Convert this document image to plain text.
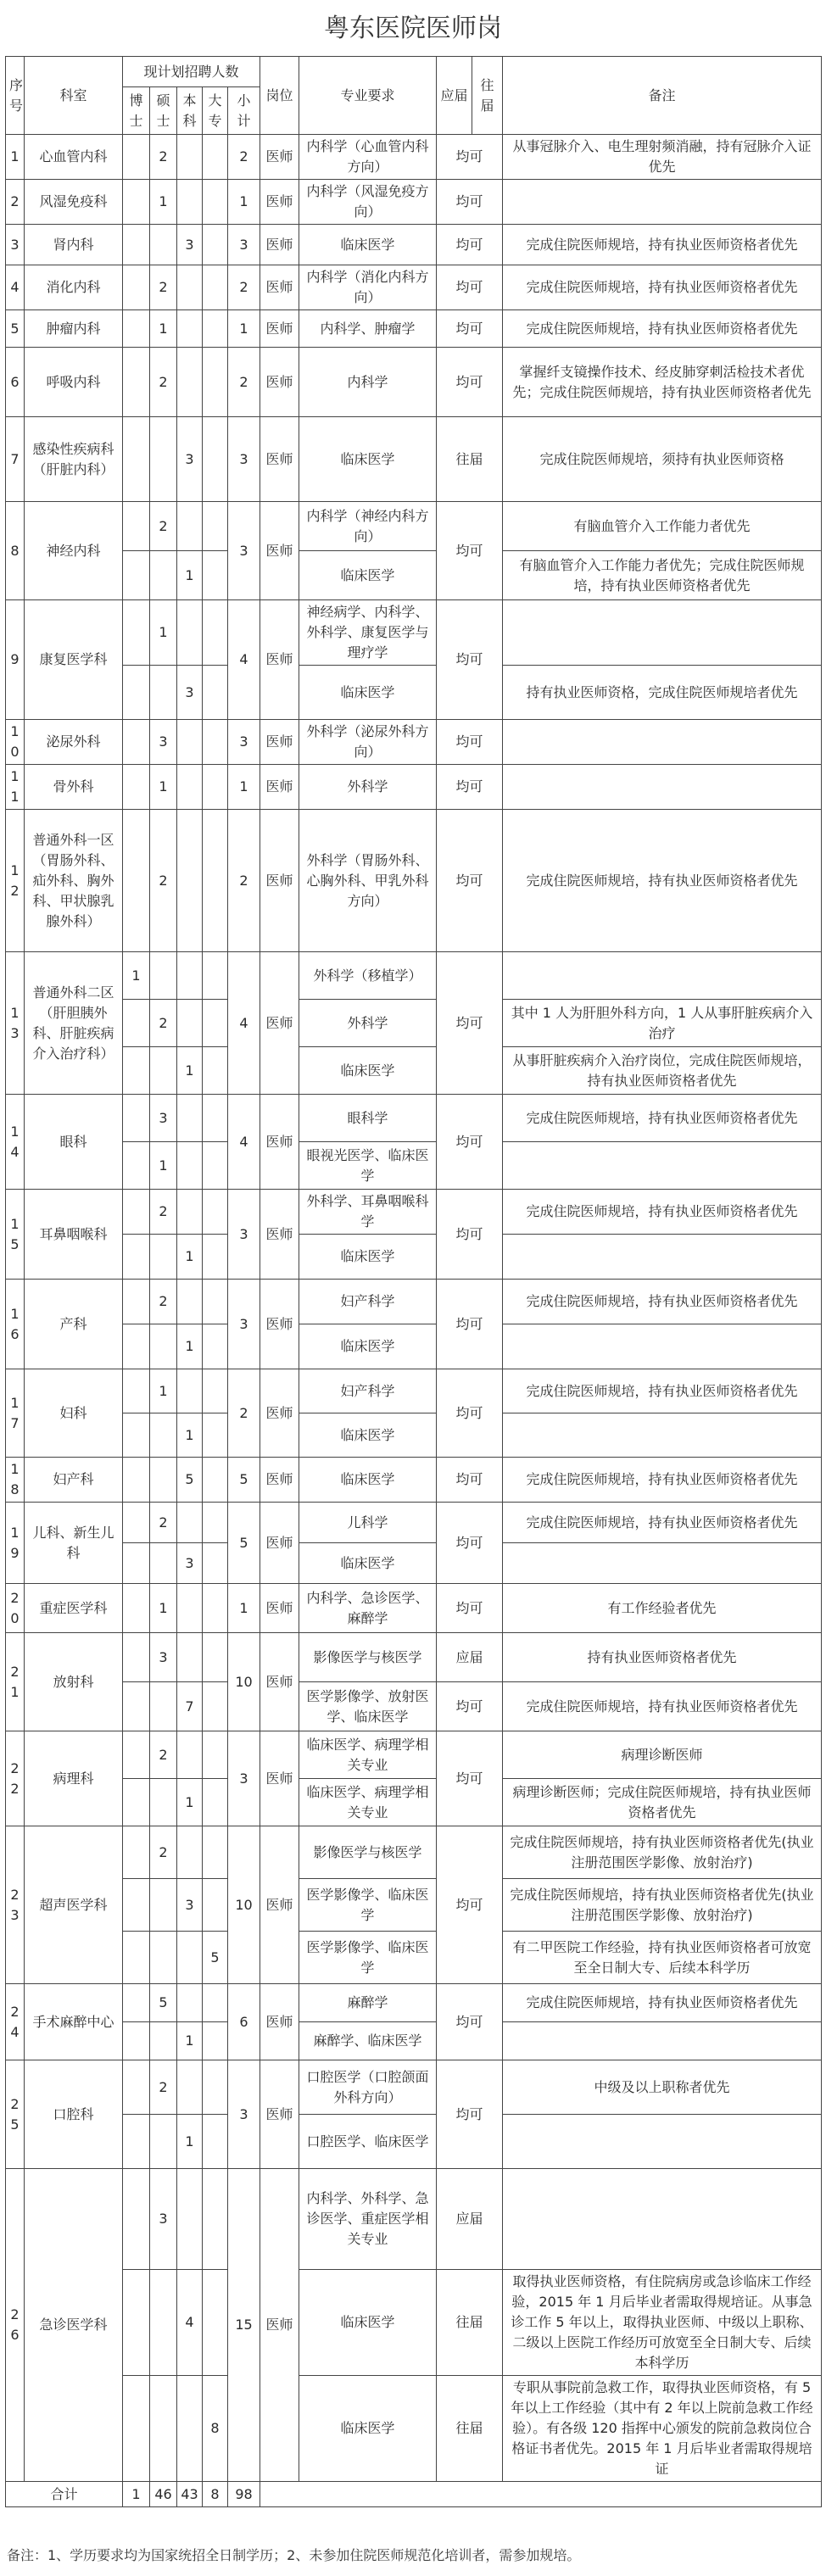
粤东医院医师岗
序号	科室	现计划招聘人数					岗位	专业要求	应届	往届	备注
		博士	硕士	本科	大专	小计					
1	心血管内科		2			2	医师	内科学（心血管内科方向）	均可		从事冠脉介入、电生理射频消融，持有冠脉介入证优先
2	风湿免疫科		1			1	医师	内科学（风湿免疫方向）	均可		
3	肾内科			3		3	医师	临床医学	均可		完成住院医师规培，持有执业医师资格者优先
4	消化内科		2			2	医师	内科学（消化内科方向）	均可		完成住院医师规培，持有执业医师资格者优先
5	肿瘤内科		1			1	医师	内科学、肿瘤学	均可		完成住院医师规培，持有执业医师资格者优先
6	呼吸内科		2			2	医师	内科学	均可		掌握纤支镜操作技术、经皮肺穿刺活检技术者优先；完成住院医师规培，持有执业医师资格者优先
7	感染性疾病科（肝脏内科）			3		3	医师	临床医学	往届		完成住院医师规培，须持有执业医师资格
8	神经内科		2			3	医师	内科学（神经内科方向）	均可		有脑血管介入工作能力者优先
				1				临床医学			有脑血管介入工作能力者优先；完成住院医师规培，持有执业医师资格者优先
9	康复医学科		1			4	医师	神经病学、内科学、外科学、康复医学与理疗学	均可		
				3				临床医学			持有执业医师资格，完成住院医师规培者优先
10	泌尿外科		3			3	医师	外科学（泌尿外科方向）	均可		
11	骨外科		1			1	医师	外科学	均可		
12	普通外科一区（胃肠外科、疝外科、胸外科、甲状腺乳腺外科）		2			2	医师	外科学（胃肠外科、心胸外科、甲乳外科方向）	均可		完成住院医师规培，持有执业医师资格者优先
13	普通外科二区（肝胆胰外科、肝脏疾病介入治疗科）	1				4	医师	外科学（移植学）	均可		
			2					外科学			其中 1 人为肝胆外科方向，1 人从事肝脏疾病介入治疗
				1				临床医学			从事肝脏疾病介入治疗岗位，完成住院医师规培，持有执业医师资格者优先
14	眼科		3			4	医师	眼科学	均可		完成住院医师规培，持有执业医师资格者优先
			1					眼视光医学、临床医学			
15	耳鼻咽喉科		2			3	医师	外科学、耳鼻咽喉科学	均可		完成住院医师规培，持有执业医师资格者优先
				1				临床医学			
16	产科		2			3	医师	妇产科学	均可		完成住院医师规培，持有执业医师资格者优先
				1				临床医学			
17	妇科		1			2	医师	妇产科学	均可		完成住院医师规培，持有执业医师资格者优先
				1				临床医学			
18	妇产科			5		5	医师	临床医学	均可		完成住院医师规培，持有执业医师资格者优先
19	儿科、新生儿科		2			5	医师	儿科学	均可		完成住院医师规培，持有执业医师资格者优先
				3				临床医学			
20	重症医学科		1			1	医师	内科学、急诊医学、麻醉学	均可		有工作经验者优先
21	放射科		3			10	医师	影像医学与核医学	应届		持有执业医师资格者优先
				7				医学影像学、放射医学、临床医学	均可		完成住院医师规培，持有执业医师资格者优先
22	病理科		2			3	医师	临床医学、病理学相关专业	均可		病理诊断医师
				1				临床医学、病理学相关专业			病理诊断医师；完成住院医师规培，持有执业医师资格者优先
23	超声医学科		2			10	医师	影像医学与核医学	均可		完成住院医师规培，持有执业医师资格者优先(执业注册范围医学影像、放射治疗)
				3				医学影像学、临床医学			完成住院医师规培，持有执业医师资格者优先(执业注册范围医学影像、放射治疗)
					5			医学影像学、临床医学			有二甲医院工作经验，持有执业医师资格者可放宽至全日制大专、后续本科学历
24	手术麻醉中心		5			6	医师	麻醉学	均可		完成住院医师规培，持有执业医师资格者优先
				1				麻醉学、临床医学			
25	口腔科		2			3	医师	口腔医学（口腔颌面外科方向）	均可		中级及以上职称者优先
				1				口腔医学、临床医学			
26	急诊医学科		3			15	医师	内科学、外科学、急诊医学、重症医学相关专业	应届		
				4				临床医学	往届		取得执业医师资格，有住院病房或急诊临床工作经验，2015 年 1 月后毕业者需取得规培证。从事急诊工作 5 年以上，取得执业医师、中级以上职称、二级以上医院工作经历可放宽至全日制大专、后续本科学历
					8			临床医学	往届		专职从事院前急救工作，取得执业医师资格，有 5 年以上工作经验（其中有 2 年以上院前急救工作经验）。有各级 120 指挥中心颁发的院前急救岗位合格证书者优先。2015 年 1 月后毕业者需取得规培证
合计		1	46	43	8	98					
备注：1、学历要求均为国家统招全日制学历；2、未参加住院医师规范化培训者，需参加规培。
